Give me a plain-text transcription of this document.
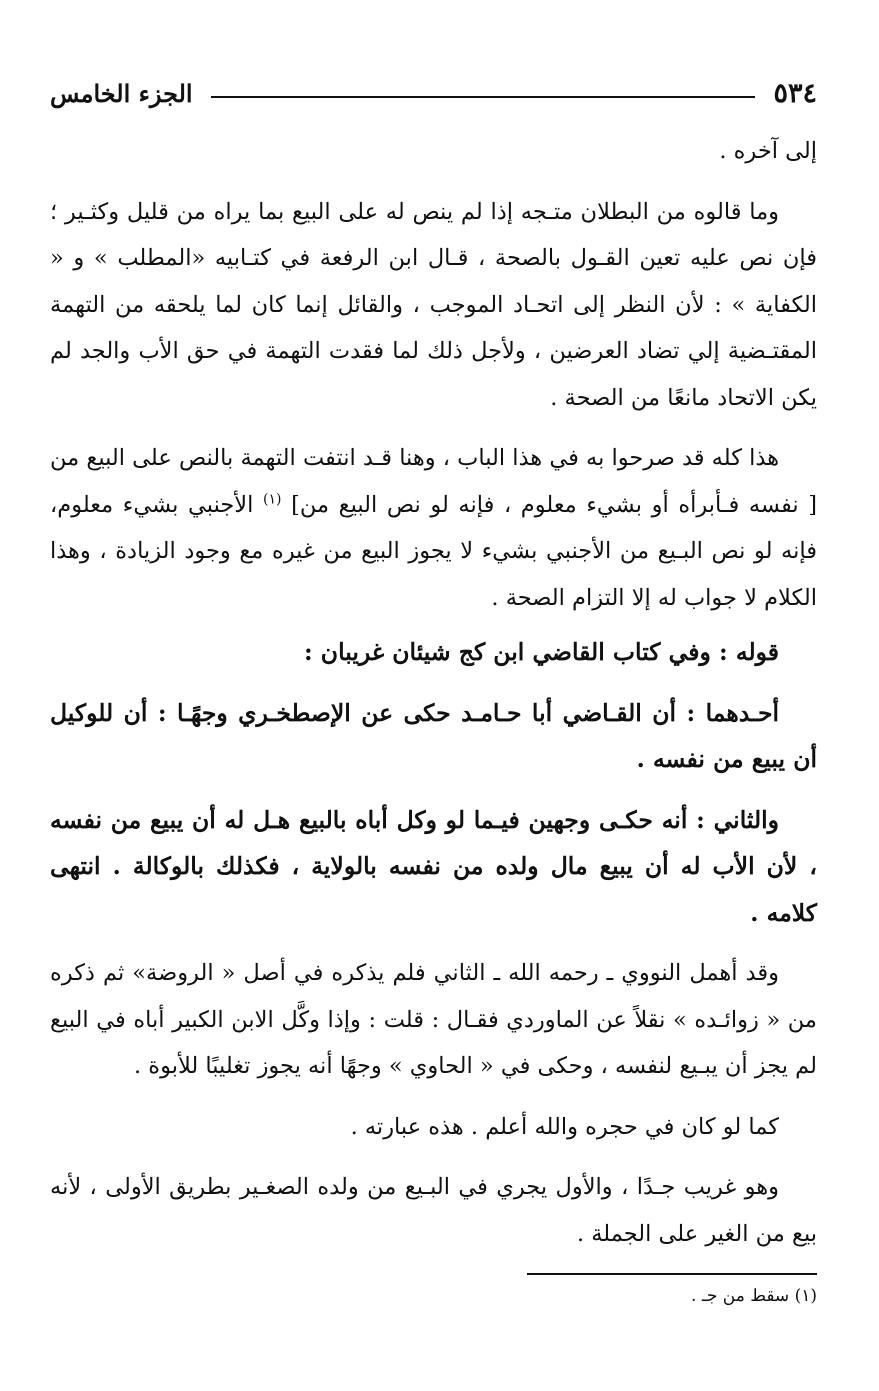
٥٣٤
الجزء الخامس

إلى آخره .

وما قالوه من البطلان متـجه إذا لم ينص له على البيع بما يراه من قليل وكثـير ؛ فإن نص عليه تعين القـول بالصحة ، قـال ابن الرفعة في كتـابيه «المطلب » و « الكفاية » : لأن النظر إلى اتحـاد الموجب ، والقائل إنما كان لما يلحقه من التهمة المقتـضية إلي تضاد العرضين ، ولأجل ذلك لما فقدت التهمة في حق الأب والجد لم يكن الاتحاد مانعًا من الصحة .

هذا كله قد صرحوا به في هذا الباب ، وهنا قـد انتفت التهمة بالنص على البيع من [ نفسه فـأبرأه أو بشيء معلوم ، فإنه لو نص البيع من] $^{(١)}$ الأجنبي بشيء معلوم، فإنه لو نص البـيع من الأجنبي بشيء لا يجوز البيع من غيره مع وجود الزيادة ، وهذا الكلام لا جواب له إلا التزام الصحة .

قوله : وفي كتاب القاضي ابن كج شيئان غريبان :

أحـدهما : أن القـاضي أبا حـامـد حكى عن الإصطخـري وجهًـا : أن للوكيل أن يبيع من نفسه .

والثاني : أنه حكـى وجهين فيـما لو وكل أباه بالبيع هـل له أن يبيع من نفسه ، لأن الأب له أن يبيع مال ولده من نفسه بالولاية ، فكذلك بالوكالة . انتهى كلامه .

وقد أهمل النووي ـ رحمه الله ـ الثاني فلم يذكره في أصل « الروضة» ثم ذكره من « زوائـده » نقلاً عن الماوردي فقـال : قلت : وإذا وكَّل الابن الكبير أباه في البيع لم يجز أن يبـيع لنفسه ، وحكى في « الحاوي » وجهًا أنه يجوز تغليبًا للأبوة .

كما لو كان في حجره والله أعلم . هذه عبارته .

وهو غريب جـدًا ، والأول يجري في البـيع من ولده الصغـير بطريق الأولى ، لأنه بيع من الغير على الجملة .

(١) سقط من جـ .
